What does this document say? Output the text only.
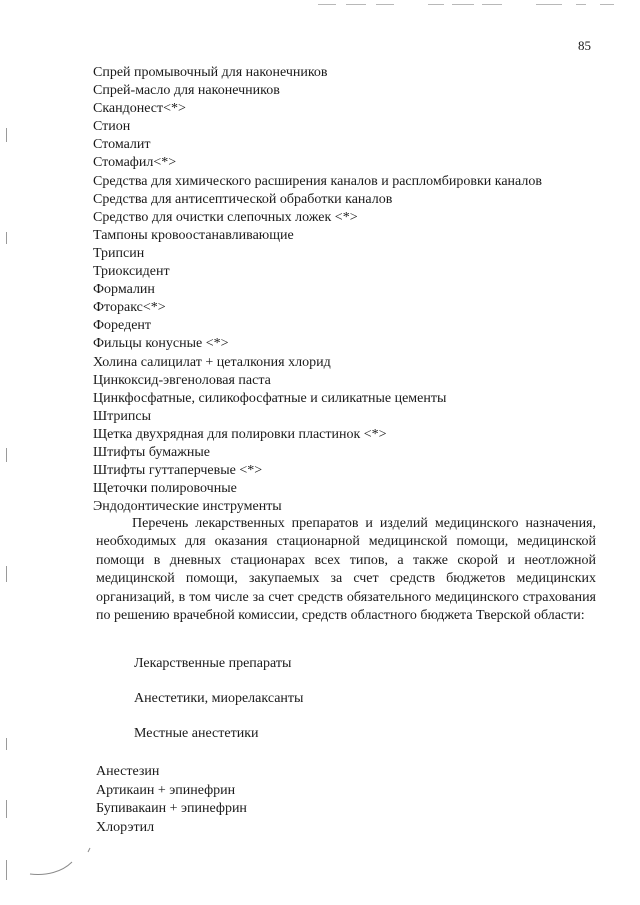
85
Спрей промывочный для наконечников
Спрей-масло для наконечников
Скандонест<*>
Стион
Стомалит
Стомафил<*>
Средства для химического расширения каналов и распломбировки каналов
Средства для антисептической обработки каналов
Средство для очистки слепочных ложек <*>
Тампоны кровоостанавливающие
Трипсин
Триоксидент
Формалин
Фторакс<*>
Форедент
Фильцы конусные <*>
Холина салицилат + цеталкония хлорид
Цинкоксид-эвгеноловая паста
Цинкфосфатные, силикофосфатные и силикатные цементы
Штрипсы
Щетка двухрядная для полировки пластинок <*>
Штифты бумажные
Штифты гуттаперчевые <*>
Щеточки полировочные
Эндодонтические инструменты
Перечень лекарственных препаратов и изделий медицинского назначения, необходимых для оказания стационарной медицинской помощи, медицинской помощи в дневных стационарах всех типов, а также скорой и неотложной медицинской помощи, закупаемых за счет средств бюджетов медицинских организаций, в том числе за счет средств обязательного медицинского страхования по решению врачебной комиссии, средств областного бюджета Тверской области:
Лекарственные препараты
Анестетики, миорелаксанты
Местные анестетики
Анестезин
Артикаин + эпинефрин
Бупивакаин + эпинефрин
Хлорэтил
